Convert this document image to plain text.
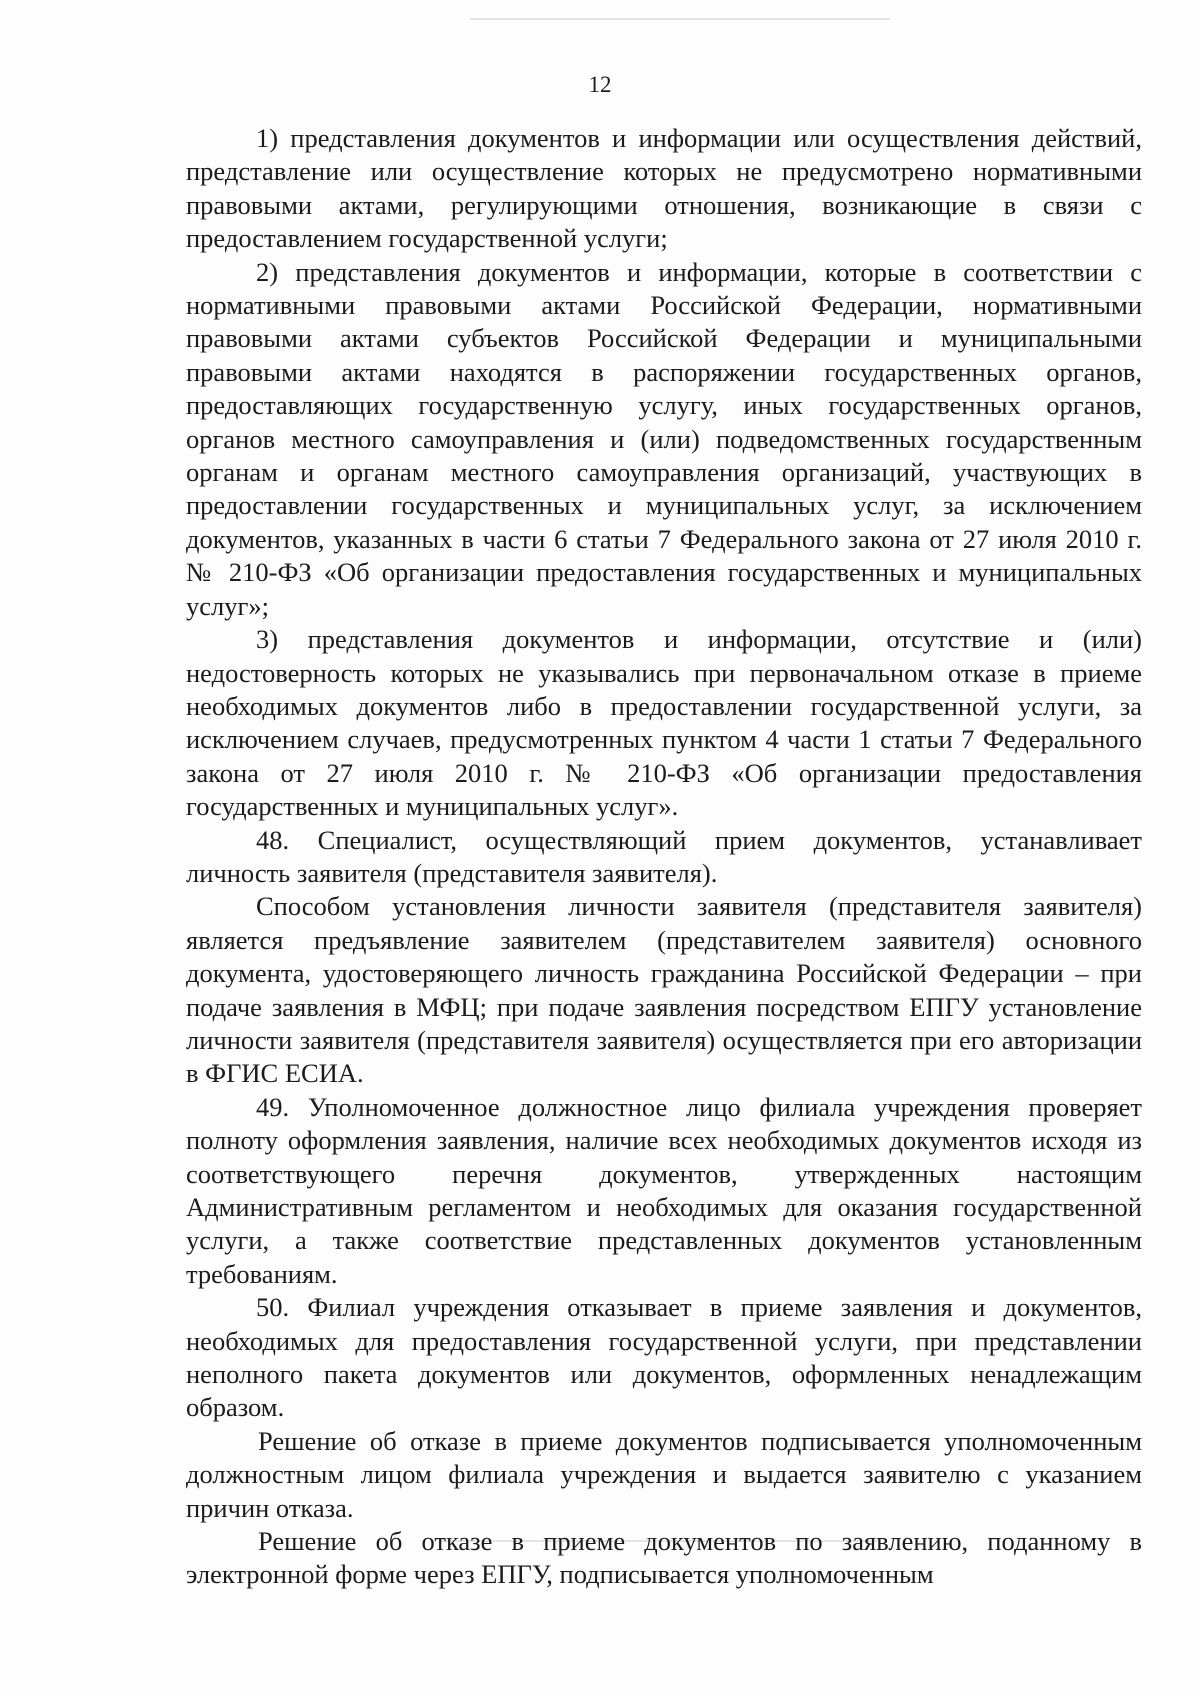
12

1) представления документов и информации или осуществления действий, представление или осуществление которых не предусмотрено нормативными правовыми актами, регулирующими отношения, возникающие в связи с предоставлением государственной услуги;

2) представления документов и информации, которые в соответствии с нормативными правовыми актами Российской Федерации, нормативными правовыми актами субъектов Российской Федерации и муниципальными правовыми актами находятся в распоряжении государственных органов, предоставляющих государственную услугу, иных государственных органов, органов местного самоуправления и (или) подведомственных государственным органам и органам местного самоуправления организаций, участвующих в предоставлении государственных и муниципальных услуг, за исключением документов, указанных в части 6 статьи 7 Федерального закона от 27 июля 2010 г. № 210-ФЗ «Об организации предоставления государственных и муниципальных услуг»;

3) представления документов и информации, отсутствие и (или) недостоверность которых не указывались при первоначальном отказе в приеме необходимых документов либо в предоставлении государственной услуги, за исключением случаев, предусмотренных пунктом 4 части 1 статьи 7 Федерального закона от 27 июля 2010 г. № 210-ФЗ «Об организации предоставления государственных и муниципальных услуг».

48. Специалист, осуществляющий прием документов, устанавливает личность заявителя (представителя заявителя).

Способом установления личности заявителя (представителя заявителя) является предъявление заявителем (представителем заявителя) основного документа, удостоверяющего личность гражданина Российской Федерации – при подаче заявления в МФЦ; при подаче заявления посредством ЕПГУ установление личности заявителя (представителя заявителя) осуществляется при его авторизации в ФГИС ЕСИА.

49. Уполномоченное должностное лицо филиала учреждения проверяет полноту оформления заявления, наличие всех необходимых документов исходя из соответствующего перечня документов, утвержденных настоящим Административным регламентом и необходимых для оказания государственной услуги, а также соответствие представленных документов установленным требованиям.

50. Филиал учреждения отказывает в приеме заявления и документов, необходимых для предоставления государственной услуги, при представлении неполного пакета документов или документов, оформленных ненадлежащим образом.

Решение об отказе в приеме документов подписывается уполномоченным должностным лицом филиала учреждения и выдается заявителю с указанием причин отказа.

Решение об отказе в приеме документов по заявлению, поданному в электронной форме через ЕПГУ, подписывается уполномоченным
